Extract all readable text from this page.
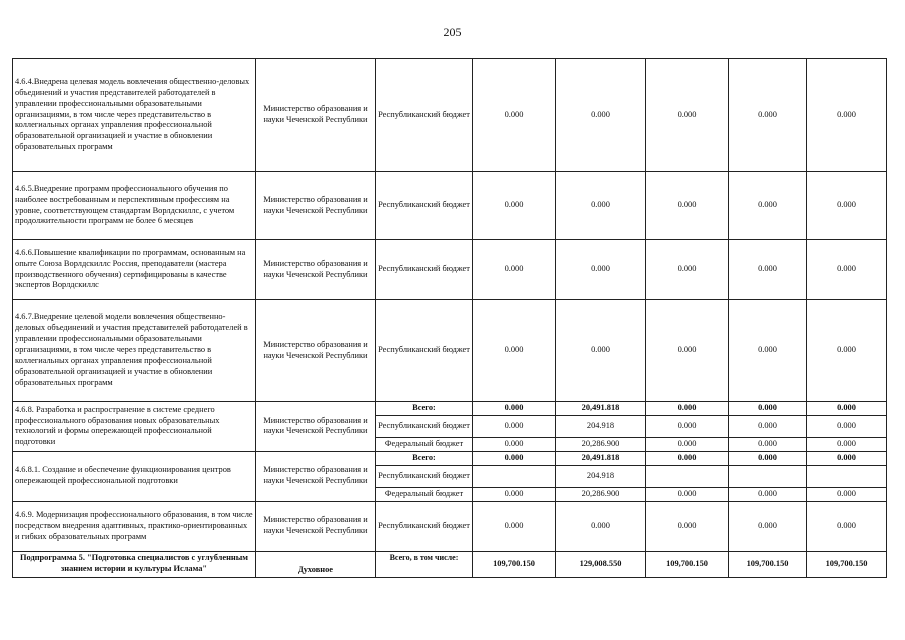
205
4.6.4.Внедрена целевая модель вовлечения общественно-деловых объединений и участия представителей работодателей в управлении профессиональными образовательными организациями, в том числе через представительство в коллегиальных органах управления профессиональной образовательной организацией и участие в обновлении образовательных программ	Министерство образования и науки Чеченской Республики	Республиканский бюджет	0.000	0.000	0.000	0.000	0.000
4.6.5.Внедрение программ профессионального обучения по наиболее востребованным и перспективным профессиям на уровне, соответствующем стандартам Ворлдскиллс, с учетом продолжительности программ не более 6 месяцев	Министерство образования и науки Чеченской Республики	Республиканский бюджет	0.000	0.000	0.000	0.000	0.000
4.6.6.Повышение квалификации по программам, основанным на опыте Союза Ворлдскиллс Россия, преподаватели (мастера производственного обучения) сертифицированы в качестве экспертов Ворлдскиллс	Министерство образования и науки Чеченской Республики	Республиканский бюджет	0.000	0.000	0.000	0.000	0.000
4.6.7.Внедрение целевой модели вовлечения общественно-деловых объединений и участия представителей работодателей в управлении профессиональными образовательными организациями, в том числе через представительство в коллегиальных органах управления профессиональной образовательной организацией и участие в обновлении образовательных программ	Министерство образования и науки Чеченской Республики	Республиканский бюджет	0.000	0.000	0.000	0.000	0.000
4.6.8. Разработка и распространение в системе среднего профессионального образования новых образовательных технологий и формы опережающей профессиональной подготовки	Министерство образования и науки Чеченской Республики	Всего:	0.000	20,491.818	0.000	0.000	0.000
		Республиканский бюджет	0.000	204.918	0.000	0.000	0.000
		Федеральный бюджет	0.000	20,286.900	0.000	0.000	0.000
4.6.8.1. Создание и обеспечение функционирования центров опережающей профессиональной подготовки	Министерство образования и науки Чеченской Республики	Всего:	0.000	20,491.818	0.000	0.000	0.000
		Республиканский бюджет		204.918			
		Федеральный бюджет	0.000	20,286.900	0.000	0.000	0.000
4.6.9. Модернизация профессионального образования, в том числе посредством внедрения адаптивных, практико-ориентированных и гибких образовательных программ	Министерство образования и науки Чеченской Республики	Республиканский бюджет	0.000	0.000	0.000	0.000	0.000
Подпрограмма 5. "Подготовка специалистов с углубленным знанием истории и культуры Ислама"	Духовное	Всего, в том числе:	109,700.150	129,008.550	109,700.150	109,700.150	109,700.150
